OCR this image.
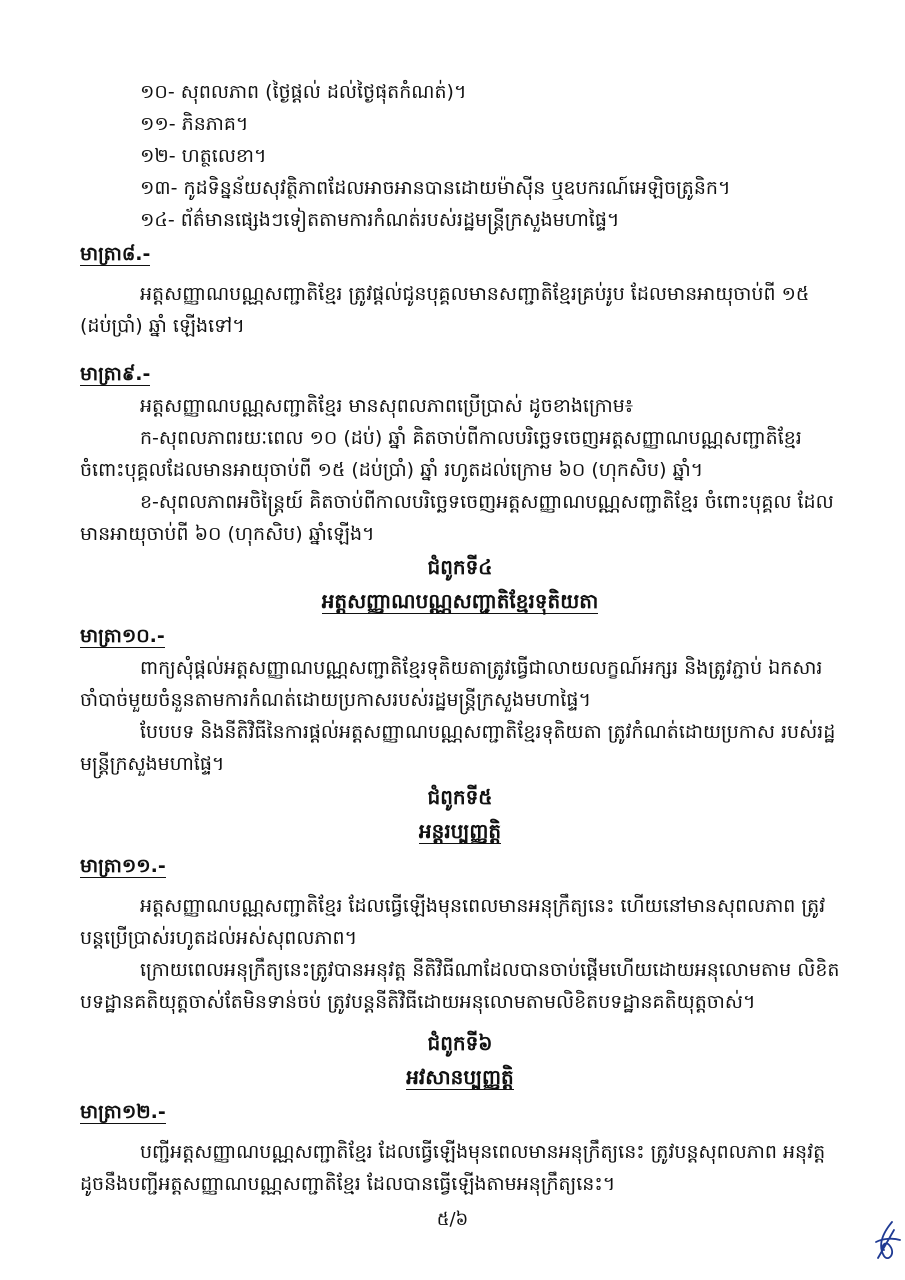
១០- សុពលភាព (ថ្ងៃផ្តល់ ដល់ថ្ងៃផុតកំណត់)។
១១- ភិនភាគ។
១២- ហត្ថលេខា។
១៣- កូដទិន្នន័យសុវត្ថិភាពដែលអាចអានបានដោយម៉ាស៊ីន ឬឧបករណ៍អេឡិចត្រូនិក។
១៤- ព័ត៌មានផ្សេងៗទៀតតាមការកំណត់របស់រដ្ឋមន្ត្រីក្រសួងមហាផ្ទៃ។
មាត្រា៨.-

អត្តសញ្ញាណបណ្ណសញ្ជាតិខ្មែរ ត្រូវផ្តល់ជូនបុគ្គលមានសញ្ជាតិខ្មែរគ្រប់រូប ដែលមានអាយុចាប់ពី ១៥ (ដប់ប្រាំ) ឆ្នាំ ឡើងទៅ។

មាត្រា៩.-

អត្តសញ្ញាណបណ្ណសញ្ជាតិខ្មែរ មានសុពលភាពប្រើប្រាស់ ដូចខាងក្រោម៖

ក-សុពលភាពរយៈពេល ១០ (ដប់) ឆ្នាំ គិតចាប់ពីកាលបរិច្ឆេទចេញអត្តសញ្ញាណបណ្ណសញ្ជាតិខ្មែរ ចំពោះបុគ្គលដែលមានអាយុចាប់ពី ១៥ (ដប់ប្រាំ) ឆ្នាំ រហូតដល់ក្រោម ៦០ (ហុកសិប) ឆ្នាំ។

ខ-សុពលភាពអចិន្ត្រៃយ៍ គិតចាប់ពីកាលបរិច្ឆេទចេញអត្តសញ្ញាណបណ្ណសញ្ជាតិខ្មែរ ចំពោះបុគ្គល ដែលមានអាយុចាប់ពី ៦០ (ហុកសិប) ឆ្នាំឡើង។

ជំពូកទី៤
អត្តសញ្ញាណបណ្ណសញ្ជាតិខ្មែរទុតិយតា
មាត្រា១០.-

ពាក្យសុំផ្តល់អត្តសញ្ញាណបណ្ណសញ្ជាតិខ្មែរទុតិយតាត្រូវធ្វើជាលាយលក្ខណ៍អក្សរ និងត្រូវភ្ជាប់ ឯកសារចាំបាច់មួយចំនួនតាមការកំណត់ដោយប្រកាសរបស់រដ្ឋមន្ត្រីក្រសួងមហាផ្ទៃ។

បែបបទ និងនីតិវិធីនៃការផ្តល់អត្តសញ្ញាណបណ្ណសញ្ជាតិខ្មែរទុតិយតា ត្រូវកំណត់ដោយប្រកាស របស់រដ្ឋមន្ត្រីក្រសួងមហាផ្ទៃ។

ជំពូកទី៥
អន្តរប្បញ្ញត្តិ
មាត្រា១១.-

អត្តសញ្ញាណបណ្ណសញ្ជាតិខ្មែរ ដែលធ្វើឡើងមុនពេលមានអនុក្រឹត្យនេះ ហើយនៅមានសុពលភាព ត្រូវបន្តប្រើប្រាស់រហូតដល់អស់សុពលភាព។

ក្រោយពេលអនុក្រឹត្យនេះត្រូវបានអនុវត្ត នីតិវិធីណាដែលបានចាប់ផ្តើមហើយដោយអនុលោមតាម លិខិតបទដ្ឋានគតិយុត្តចាស់តែមិនទាន់ចប់ ត្រូវបន្តនីតិវិធីដោយអនុលោមតាមលិខិតបទដ្ឋានគតិយុត្តចាស់។

ជំពូកទី៦
អវសានប្បញ្ញត្តិ
មាត្រា១២.-

បញ្ជីអត្តសញ្ញាណបណ្ណសញ្ជាតិខ្មែរ ដែលធ្វើឡើងមុនពេលមានអនុក្រឹត្យនេះ ត្រូវបន្តសុពលភាព អនុវត្តដូចនឹងបញ្ជីអត្តសញ្ញាណបណ្ណសញ្ជាតិខ្មែរ ដែលបានធ្វើឡើងតាមអនុក្រឹត្យនេះ។

៥/៦
